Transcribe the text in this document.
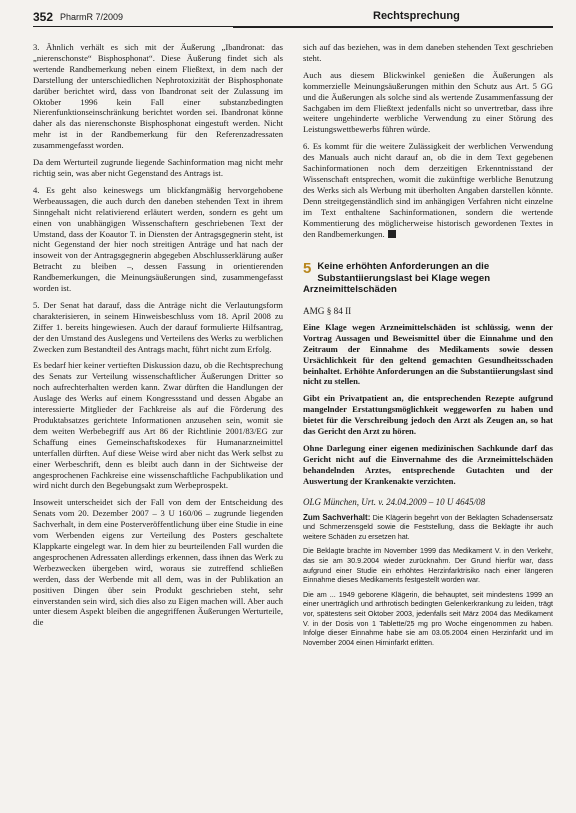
352 PharmR 7/2009	Rechtsprechung

3. Ähnlich verhält es sich mit der Äußerung „Ibandronat: das „nierenschonste“ Bisphosphonat“. Diese Äußerung findet sich als wertende Randbemerkung neben einem Fließtext, in dem nach der Darstellung der unterschiedlichen Nephrotoxizität der Bisphosphonate darüber berichtet wird, dass von Ibandronat seit der Zulassung im Oktober 1996 kein Fall einer substanzbedingten Nierenfunktionseinschränkung berichtet worden sei. Ibandronat könne daher als das nierenschonste Bisphosphonat eingestuft werden. Nicht mehr ist in der Randbemerkung für den Referenzadressaten zusammengefasst worden.

Da dem Werturteil zugrunde liegende Sachinformation mag nicht mehr richtig sein, was aber nicht Gegenstand des Antrags ist.

4. Es geht also keineswegs um blickfangmäßig hervorgehobene Werbeaussagen, die auch durch den daneben stehenden Text in ihrem Sinngehalt nicht relativierend erläutert werden, sondern es geht um einen von unabhängigen Wissenschaftern geschriebenen Text der Umstand, dass der Koautor T. in Diensten der Antragsgegnerin steht, ist nicht Gegenstand der hier noch streitigen Anträge und hat nach der insoweit von der Antragsgegnerin abgegeben Abschlusserklärung außer Betracht zu bleiben –, dessen Fassung in orientierenden Randbemerkungen, die Meinungsäußerungen sind, zusammengefasst worden ist.

5. Der Senat hat darauf, dass die Anträge nicht die Verlautungsform charakterisieren, in seinem Hinweisbeschluss vom 18. April 2008 zu Ziffer 1. bereits hingewiesen. Auch der darauf formulierte Hilfsantrag, der den Umstand des Auslegens und Verteilens des Werks zu werblichen Zwecken zum Bestandteil des Antrags macht, führt nicht zum Erfolg.

Es bedarf hier keiner vertieften Diskussion dazu, ob die Rechtsprechung des Senats zur Verteilung wissenschaftlicher Äußerungen Dritter so noch aufrechterhalten werden kann. Zwar dürften die Handlungen der Auslage des Werks auf einem Kongressstand und dessen Abgabe an interessierte Mitglieder der Fachkreise als auf die Förderung des Produktabsatzes gerichtete Informationen anzusehen sein, womit sie dem weiten Werbebegriff aus Art 86 der Richtlinie 2001/83/EG zur Schaffung eines Gemeinschaftskodexes für Humanarzneimittel unterfallen dürften. Auf diese Weise wird aber nicht das Werk selbst zu einer Werbeschrift, denn es bleibt auch dann in der Sichtweise der angesprochenen Fachkreise eine wissenschaftliche Fachpublikation und wird nicht durch den Begebungsakt zum Werbeprospekt.

Insoweit unterscheidet sich der Fall von dem der Entscheidung des Senats vom 20. Dezember 2007 – 3 U 160/06 – zugrunde liegenden Sachverhalt, in dem eine Posterveröffentlichung über eine Studie in eine vom Werbenden eigens zur Verteilung des Posters geschaltete Klappkarte eingelegt war. In dem hier zu beurteilenden Fall wurden die angesprochenen Adressaten allerdings erkennen, dass ihnen das Werk zu Werbezwecken übergeben wird, woraus sie zutreffend schließen werden, dass der Werbende mit all dem, was in der Publikation an positiven Dingen über sein Produkt geschrieben steht, sehr einverstanden sein wird, sich dies also zu Eigen machen will. Aber auch unter diesem Aspekt bleiben die angegriffenen Äußerungen Werturteile, die

sich auf das beziehen, was in dem daneben stehenden Text geschrieben steht.

Auch aus diesem Blickwinkel genießen die Äußerungen als kommerzielle Meinungsäußerungen mithin den Schutz aus Art. 5 GG und die Äußerungen als solche sind als wertende Zusammenfassung der Sachgaben im dem Fließtext jedenfalls nicht so unvertretbar, dass ihre weitere ungehinderte werbliche Verwendung zu einer Störung des Leistungswettbewerbs führen würde.

6. Es kommt für die weitere Zulässigkeit der werblichen Verwendung des Manuals auch nicht darauf an, ob die in dem Text gegebenen Sachinformationen noch dem derzeitigen Erkenntnisstand der Wissenschaft entsprechen, womit die zukünftige werbliche Benutzung des Werks sich als Werbung mit überholten Angaben darstellen könnte. Denn streitgegenständlich sind im anhängigen Verfahren nicht einzelne im Text enthaltene Sachinformationen, sondern die wertende Kommentierung des möglicherweise historisch gewordenen Textes in den Randbemerkungen.

5 Keine erhöhten Anforderungen an die Substantiierungslast bei Klage wegen Arzneimittelschäden
AMG § 84 II

Eine Klage wegen Arzneimittelschäden ist schlüssig, wenn der Vortrag Aussagen und Beweismittel über die Einnahme und den Zeitraum der Einnahme des Medikaments sowie dessen Ursächlichkeit für den geltend gemachten Gesundheitsschaden beinhaltet. Erhöhte Anforderungen an die Substantiierungslast sind nicht zu stellen.

Gibt ein Privatpatient an, die entsprechenden Rezepte aufgrund mangelnder Erstattungsmöglichkeit weggeworfen zu haben und bietet für die Verschreibung jedoch den Arzt als Zeugen an, so hat das Gericht den Arzt zu hören.

Ohne Darlegung einer eigenen medizinischen Sachkunde darf das Gericht nicht auf die Einvernahme des die Arzneimittelschäden behandelnden Arztes, entsprechende Gutachten und der Auswertung der Krankenakte verzichten.

OLG München, Urt. v. 24.04.2009 – 10 U 4645/08

Zum Sachverhalt: Die Klägerin begehrt von der Beklagten Schadensersatz und Schmerzensgeld sowie die Feststellung, dass die Beklagte ihr auch weitere Schäden zu ersetzen hat.

Die Beklagte brachte im November 1999 das Medikament V. in den Verkehr, das sie am 30.9.2004 wieder zurücknahm. Der Grund hierfür war, dass aufgrund einer Studie ein erhöhtes Herzinfarktrisiko nach einer längeren Einnahme dieses Medikaments festgestellt worden war.

Die am ... 1949 geborene Klägerin, die behauptet, seit mindestens 1999 an einer unerträglich und arthrotisch bedingten Gelenkerkrankung zu leiden, trägt vor, spätestens seit Oktober 2003, jedenfalls seit März 2004 das Medikament V. in der Dosis von 1 Tablette/25 mg pro Woche eingenommen zu haben. Infolge dieser Einnahme habe sie am 03.05.2004 einen Herzinfarkt und im November 2004 einen Hirninfarkt erlitten.
